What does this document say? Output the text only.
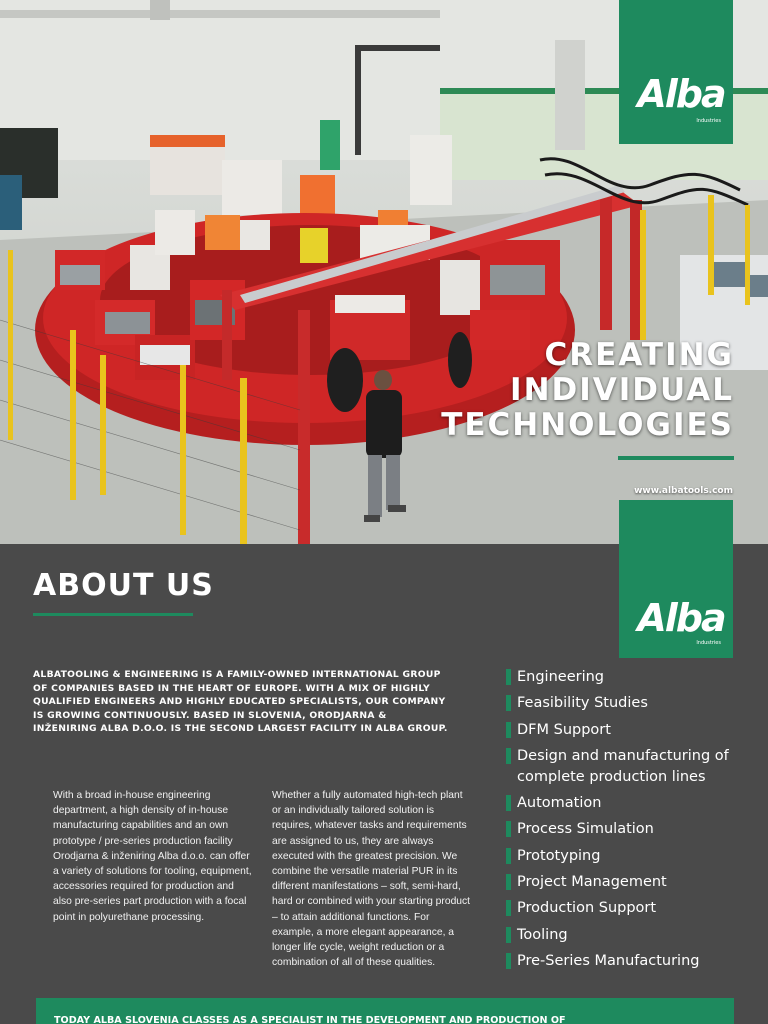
Alba
Industries
CREATING
INDIVIDUAL
TECHNOLOGIES
www.albatools.com
Alba
Industries
ABOUT US

ALBATOOLING & ENGINEERING IS A FAMILY-OWNED INTERNATIONAL GROUP OF COMPANIES BASED IN THE HEART OF EUROPE. WITH A MIX OF HIGHLY QUALIFIED ENGINEERS AND HIGHLY EDUCATED SPECIALISTS, OUR COMPANY IS GROWING CONTINUOUSLY. BASED IN SLOVENIA, ORODJARNA & INŽENIRING ALBA D.O.O. IS THE SECOND LARGEST FACILITY IN ALBA GROUP.

With a broad in-house engineering department, a high density of in-house manufacturing capabilities and an own prototype / pre-series production facility Orodjarna & inženiring Alba d.o.o. can offer a variety of solutions for tooling, equipment, accessories required for production and also pre-series part production with a focal point in polyurethane processing.

Whether a fully automated high-tech plant or an individually tailored solution is requires, whatever tasks and requirements are assigned to us, they are always executed with the greatest precision. We combine the versatile material PUR in its different manifestations – soft, semi-hard, hard or combined with your starting product – to attain additional functions. For example, a more elegant appearance, a longer life cycle, weight reduction or a combination of all of these qualities.

Engineering
Feasibility Studies
DFM Support
Design and manufacturing of complete production lines
Automation
Process Simulation
Prototyping
Project Management
Production Support
Tooling
Pre-Series Manufacturing
TODAY ALBA SLOVENIA CLASSES AS A SPECIALIST IN THE DEVELOPMENT AND PRODUCTION OF
